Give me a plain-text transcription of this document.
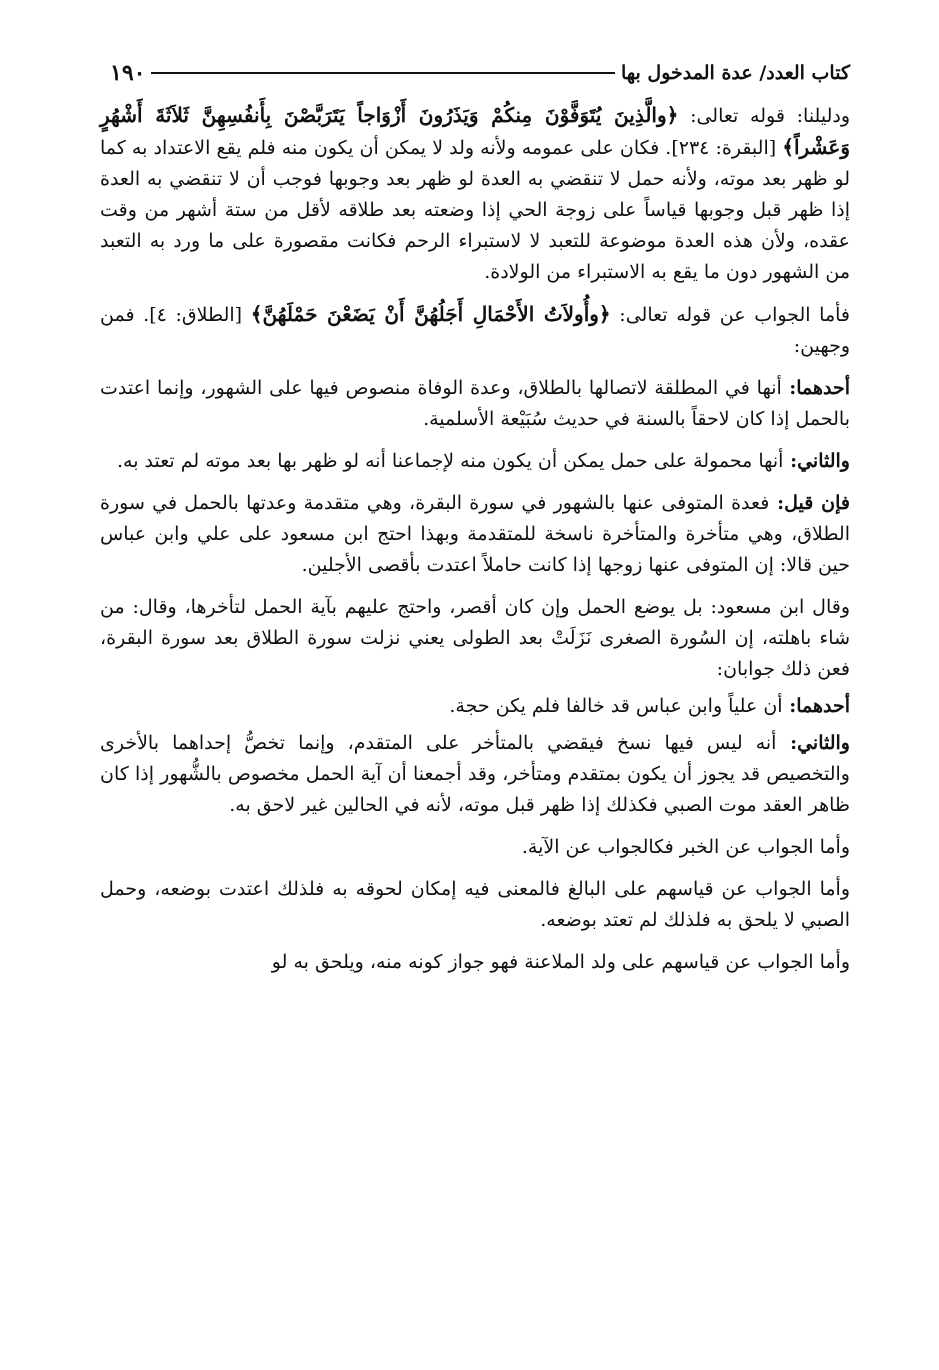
كتاب العدد/ عدة المدخول بها
١٩٠

ودليلنا: قوله تعالى: ﴿والَّذِينَ يُتَوَفَّوْنَ مِنكُمْ وَيَذَرُونَ أَزْوَاجاً يَتَرَبَّصْنَ بِأَنفُسِهِنَّ ثَلاَثَةَ أَشْهُرٍ وَعَشْراً﴾ [البقرة: ٢٣٤]. فكان على عمومه ولأنه ولد لا يمكن أن يكون منه فلم يقع الاعتداد به كما لو ظهر بعد موته، ولأنه حمل لا تنقضي به العدة لو ظهر بعد وجوبها فوجب أن لا تنقضي به العدة إذا ظهر قبل وجوبها قياساً على زوجة الحي إذا وضعته بعد طلاقه لأقل من ستة أشهر من وقت عقده، ولأن هذه العدة موضوعة للتعبد لا لاستبراء الرحم فكانت مقصورة على ما ورد به التعبد من الشهور دون ما يقع به الاستبراء من الولادة.

فأما الجواب عن قوله تعالى: ﴿وأُولاَتُ الأَحْمَالِ أَجَلُهُنَّ أَنْ يَضَعْنَ حَمْلَهُنَّ﴾ [الطلاق: ٤]. فمن وجهين:

أحدهما: أنها في المطلقة لاتصالها بالطلاق، وعدة الوفاة منصوص فيها على الشهور، وإنما اعتدت بالحمل إذا كان لاحقاً بالسنة في حديث سُبَيْعة الأسلمية.

والثاني: أنها محمولة على حمل يمكن أن يكون منه لإجماعنا أنه لو ظهر بها بعد موته لم تعتد به.

فإن قيل: فعدة المتوفى عنها بالشهور في سورة البقرة، وهي متقدمة وعدتها بالحمل في سورة الطلاق، وهي متأخرة والمتأخرة ناسخة للمتقدمة وبهذا احتج ابن مسعود على علي وابن عباس حين قالا: إن المتوفى عنها زوجها إذا كانت حاملاً اعتدت بأقصى الأجلين.

وقال ابن مسعود: بل يوضع الحمل وإن كان أقصر، واحتج عليهم بآية الحمل لتأخرها، وقال: من شاء باهلته، إن السُورة الصغرى نَزَلَتْ بعد الطولى يعني نزلت سورة الطلاق بعد سورة البقرة، فعن ذلك جوابان:

أحدهما: أن علياً وابن عباس قد خالفا فلم يكن حجة.

والثاني: أنه ليس فيها نسخ فيقضي بالمتأخر على المتقدم، وإنما تخصُّ إحداهما بالأخرى والتخصيص قد يجوز أن يكون بمتقدم ومتأخر، وقد أجمعنا أن آية الحمل مخصوص بالشُّهور إذا كان ظاهر العقد موت الصبي فكذلك إذا ظهر قبل موته، لأنه في الحالين غير لاحق به.

وأما الجواب عن الخبر فكالجواب عن الآية.

وأما الجواب عن قياسهم على البالغ فالمعنى فيه إمكان لحوقه به فلذلك اعتدت بوضعه، وحمل الصبي لا يلحق به فلذلك لم تعتد بوضعه.

وأما الجواب عن قياسهم على ولد الملاعنة فهو جواز كونه منه، ويلحق به لو
